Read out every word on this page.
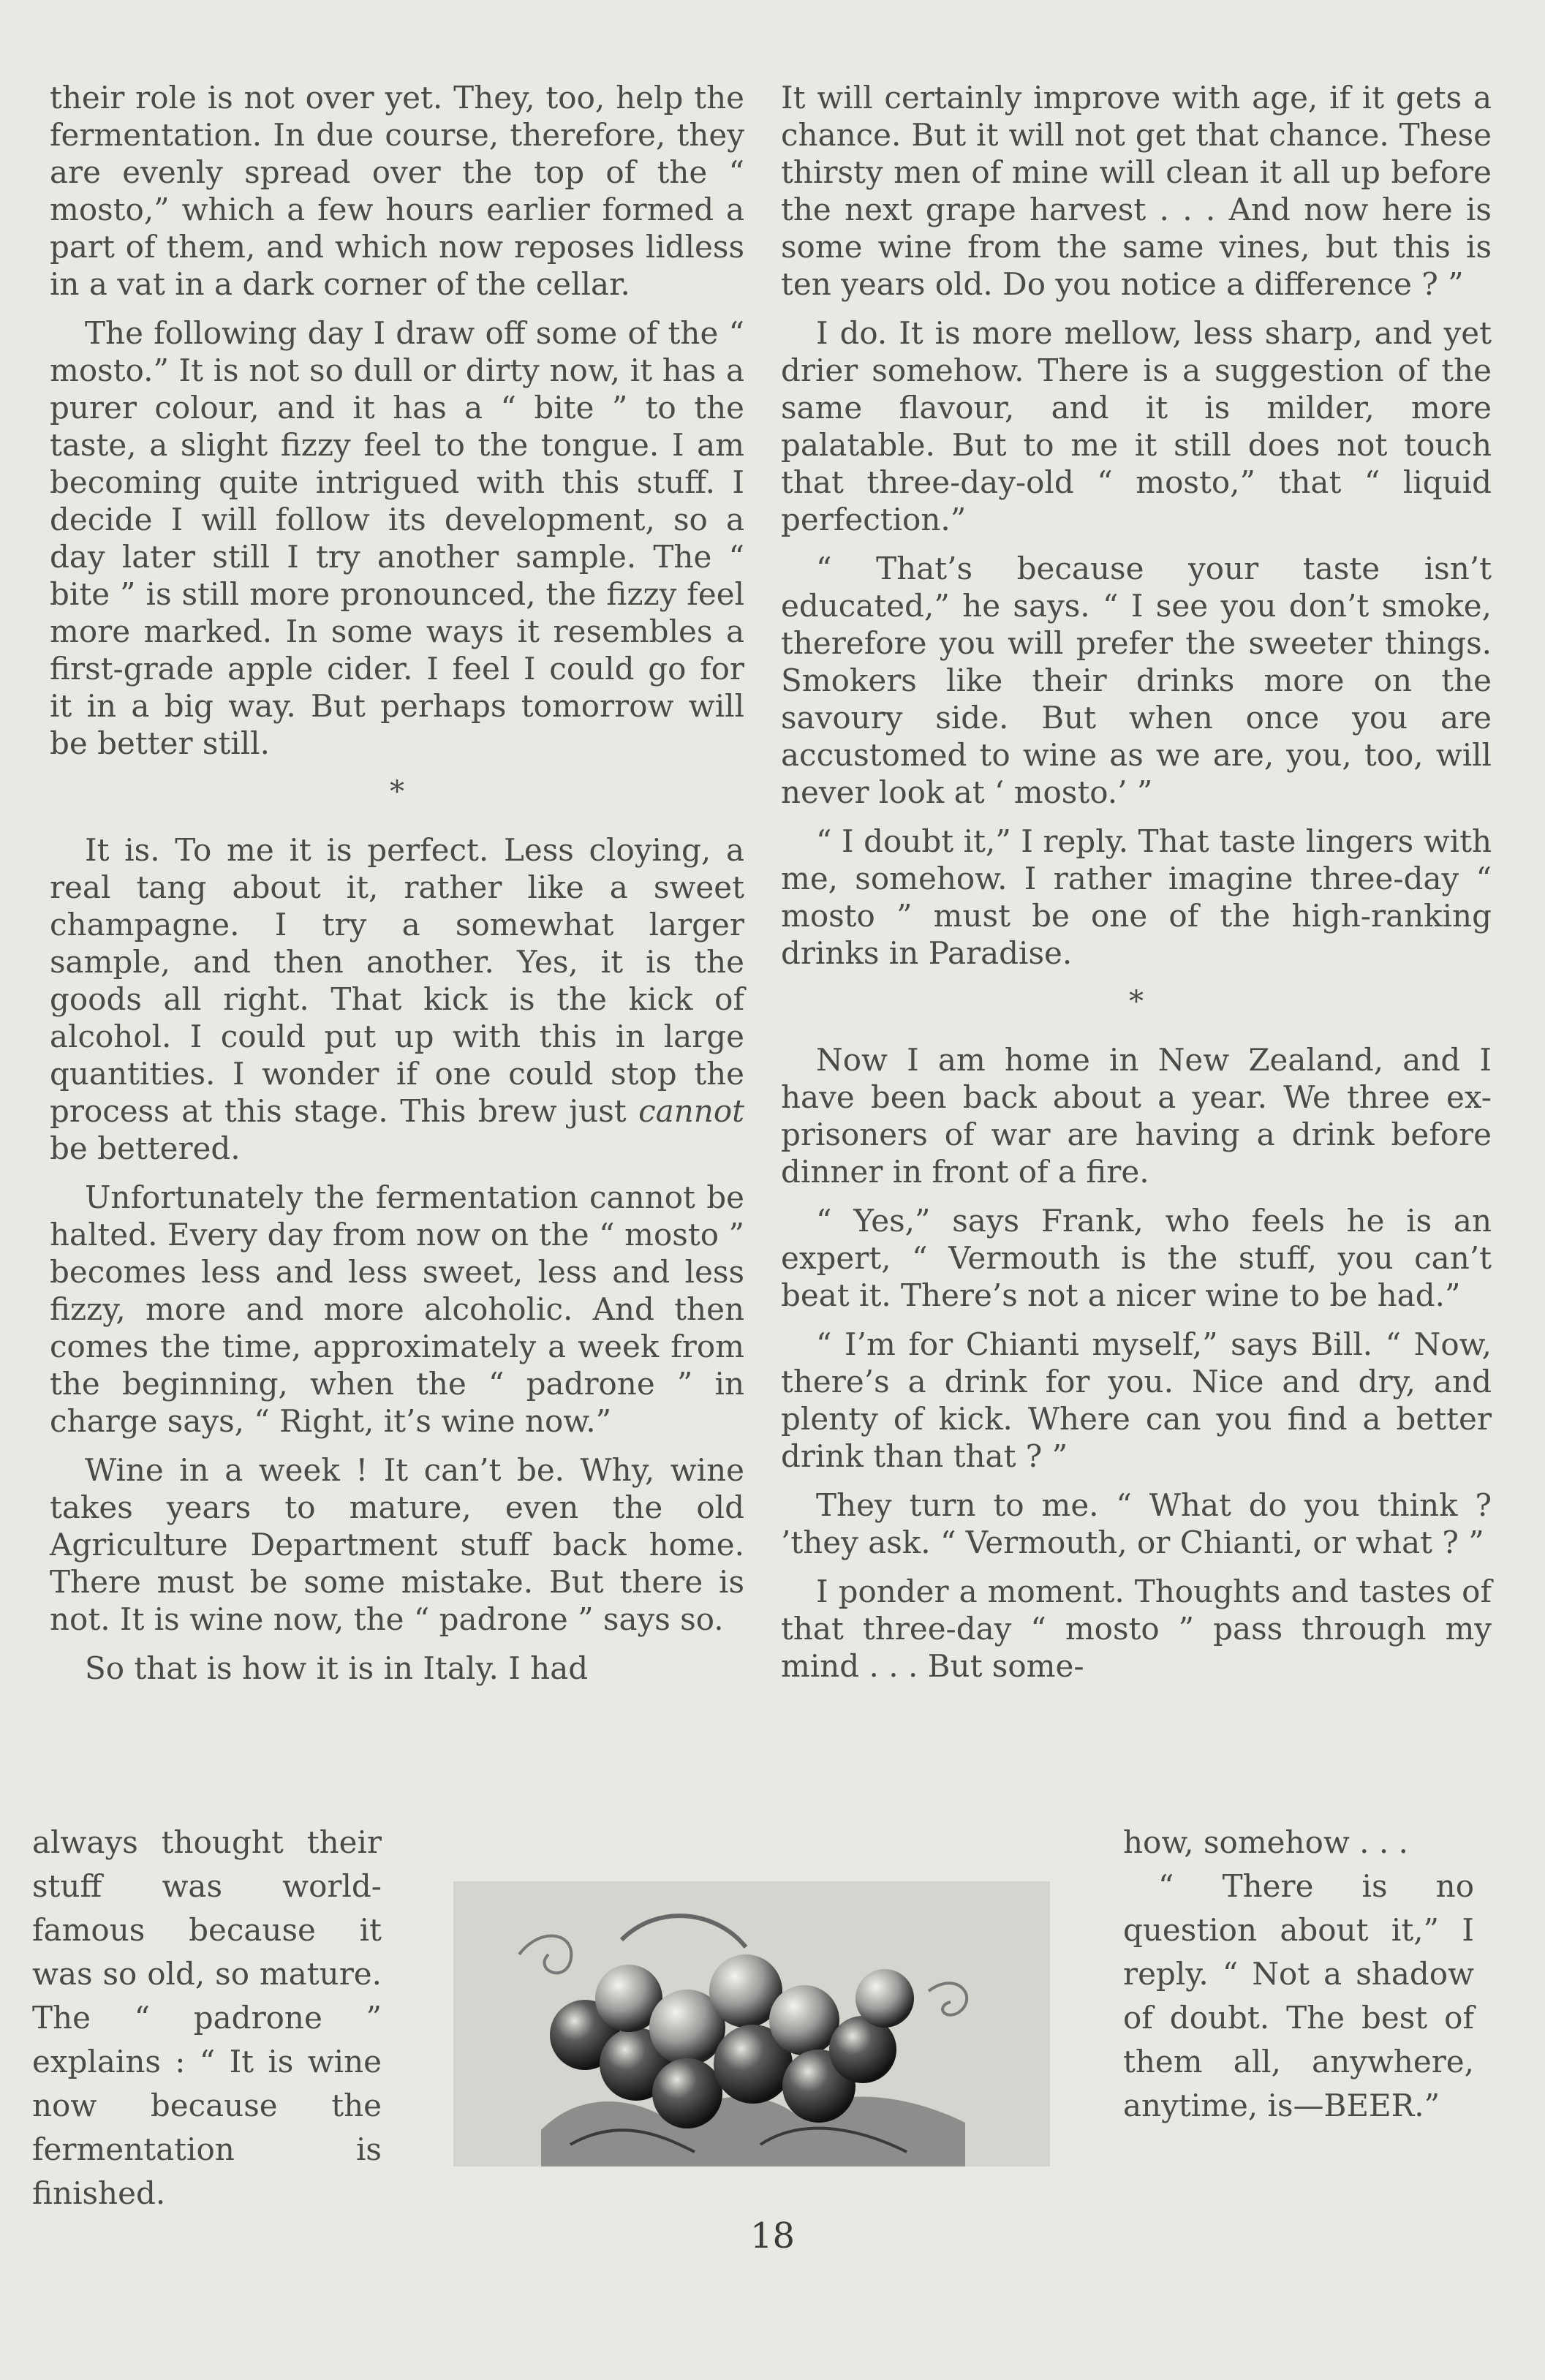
their role is not over yet. They, too, help the fermentation. In due course, therefore, they are evenly spread over the top of the “ mosto,” which a few hours earlier formed a part of them, and which now reposes lidless in a vat in a dark corner of the cellar.

The following day I draw off some of the “ mosto.” It is not so dull or dirty now, it has a purer colour, and it has a “ bite ” to the taste, a slight fizzy feel to the tongue. I am becoming quite intrigued with this stuff. I decide I will follow its development, so a day later still I try another sample. The “ bite ” is still more pronounced, the fizzy feel more marked. In some ways it resembles a first-grade apple cider. I feel I could go for it in a big way. But perhaps tomorrow will be better still.

*

It is. To me it is perfect. Less cloying, a real tang about it, rather like a sweet champagne. I try a somewhat larger sample, and then another. Yes, it is the goods all right. That kick is the kick of alcohol. I could put up with this in large quantities. I wonder if one could stop the process at this stage. This brew just cannot be bettered.

Unfortunately the fermentation cannot be halted. Every day from now on the “ mosto ” becomes less and less sweet, less and less fizzy, more and more alcoholic. And then comes the time, approximately a week from the beginning, when the “ padrone ” in charge says, “ Right, it’s wine now.”

Wine in a week ! It can’t be. Why, wine takes years to mature, even the old Agriculture Department stuff back home. There must be some mistake. But there is not. It is wine now, the “ padrone ” says so.

So that is how it is in Italy. I had

always thought their stuff was world-famous because it was so old, so mature. The “ padrone ” explains : “ It is wine now because the fermentation is finished.

It will certainly improve with age, if it gets a chance. But it will not get that chance. These thirsty men of mine will clean it all up before the next grape harvest . . . And now here is some wine from the same vines, but this is ten years old. Do you notice a difference ? ”

I do. It is more mellow, less sharp, and yet drier somehow. There is a suggestion of the same flavour, and it is milder, more palatable. But to me it still does not touch that three-day-old “ mosto,” that “ liquid perfection.”

“ That’s because your taste isn’t educated,” he says. “ I see you don’t smoke, therefore you will prefer the sweeter things. Smokers like their drinks more on the savoury side. But when once you are accustomed to wine as we are, you, too, will never look at ‘ mosto.’ ”

“ I doubt it,” I reply. That taste lingers with me, somehow. I rather imagine three-day “ mosto ” must be one of the high-ranking drinks in Paradise.

*

Now I am home in New Zealand, and I have been back about a year. We three ex-prisoners of war are having a drink before dinner in front of a fire.

“ Yes,” says Frank, who feels he is an expert, “ Vermouth is the stuff, you can’t beat it. There’s not a nicer wine to be had.”

“ I’m for Chianti myself,” says Bill. “ Now, there’s a drink for you. Nice and dry, and plenty of kick. Where can you find a better drink than that ? ”

They turn to me. “ What do you think ? ’they ask. “ Vermouth, or Chianti, or what ? ”

I ponder a moment. Thoughts and tastes of that three-day “ mosto ” pass through my mind . . . But some-

how, somehow . . .

“ There is no question about it,” I reply. “ Not a shadow of doubt. The best of them all, anywhere, anytime, is—BEER.”

18
